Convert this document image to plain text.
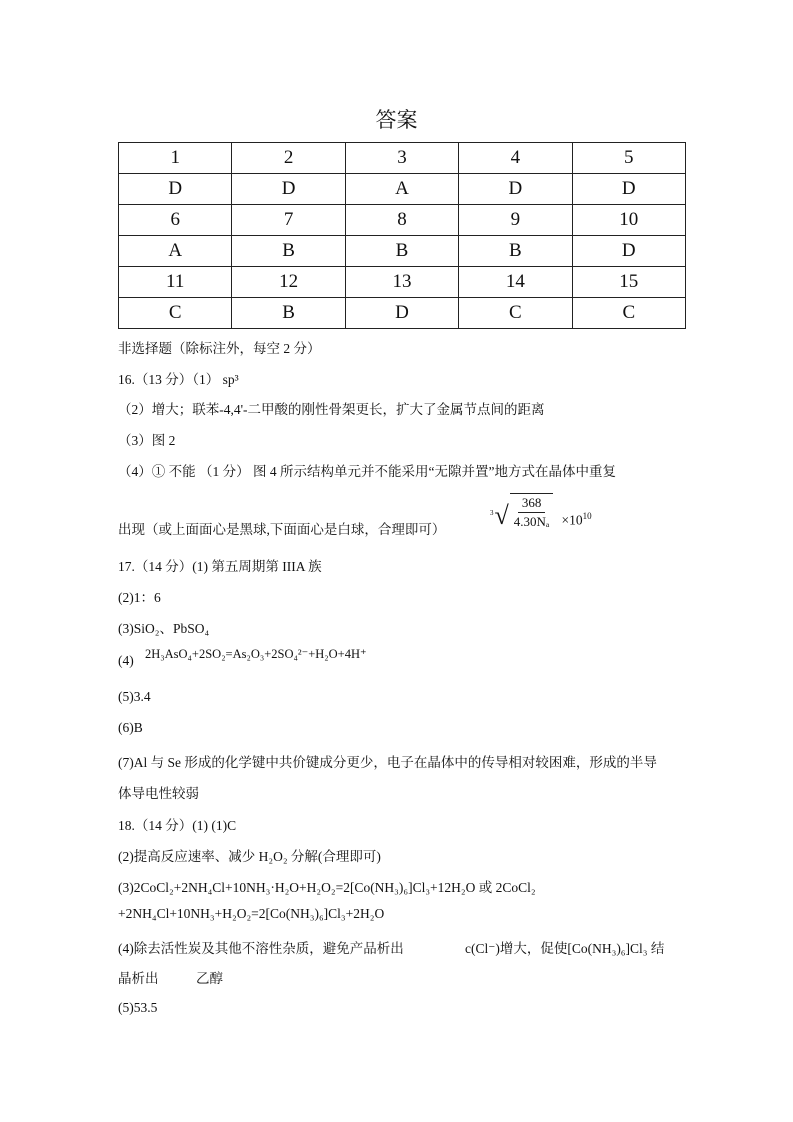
答案
1	2	3	4	5
D	D	A	D	D
6	7	8	9	10
A	B	B	B	D
11	12	13	14	15
C	B	D	C	C
非选择题（除标注外，每空 2 分）
16.（13 分）（1） sp³
（2）增大；联苯-4,4'-二甲酸的刚性骨架更长，扩大了金属节点间的距离
（3）图 2
（4）① 不能 （1 分） 图 4 所示结构单元并不能采用“无隙并置”地方式在晶体中重复
出现（或上面面心是黑球,下面面心是白球，合理即可）
3 √ $\frac{368}{\text{4.30Nₐ}} \times 10^{10}$
17.（14 分）(1) 第五周期第 IIIA 族
(2)1：6
(3)SiO₂、PbSO₄
(4) 2H₃AsO₄+2SO₂=As₂O₃+2SO₄²⁻+H₂O+4H⁺
(5)3.4
(6)B
(7)Al 与 Se 形成的化学键中共价键成分更少，电子在晶体中的传导相对较困难，形成的半导
体导电性较弱
18.（14 分）(1) (1)C
(2)提高反应速率、减少 H₂O₂ 分解(合理即可)
(3)2CoCl₂+2NH₄Cl+10NH₃·H₂O+H₂O₂=2[Co(NH₃)₆]Cl₃+12H₂O 或 2CoCl₂
+2NH₄Cl+10NH₃+H₂O₂=2[Co(NH₃)₆]Cl₃+2H₂O
(4)除去活性炭及其他不溶性杂质，避免产品析出	c(Cl⁻)增大，促使[Co(NH₃)₆]Cl₃ 结
晶析出	乙醇
(5)53.5
